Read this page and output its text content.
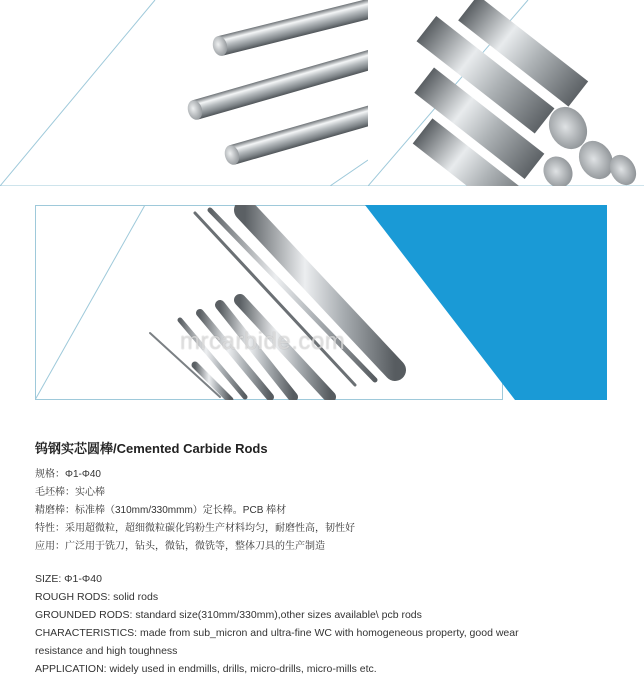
mrcarbide.com

钨钢实芯圆棒/Cemented Carbide Rods

规格：Φ1-Φ40

毛坯棒：实心棒

精磨棒：标准棒（310mm/330mmm）定长棒。PCB 棒材

特性：采用超微粒，超细微粒碳化钨粉生产材料均匀，耐磨性高，韧性好

应用：广泛用于铣刀，钻头，微钻，微铣等，整体刀具的生产制造

SIZE: Φ1-Φ40

ROUGH RODS: solid rods

GROUNDED RODS: standard size(310mm/330mm),other sizes available\ pcb rods

CHARACTERISTICS: made from sub_micron and ultra-fine WC with homogeneous property, good wear

resistance and high toughness

APPLICATION: widely used in endmills, drills, micro-drills, micro-mills etc.
